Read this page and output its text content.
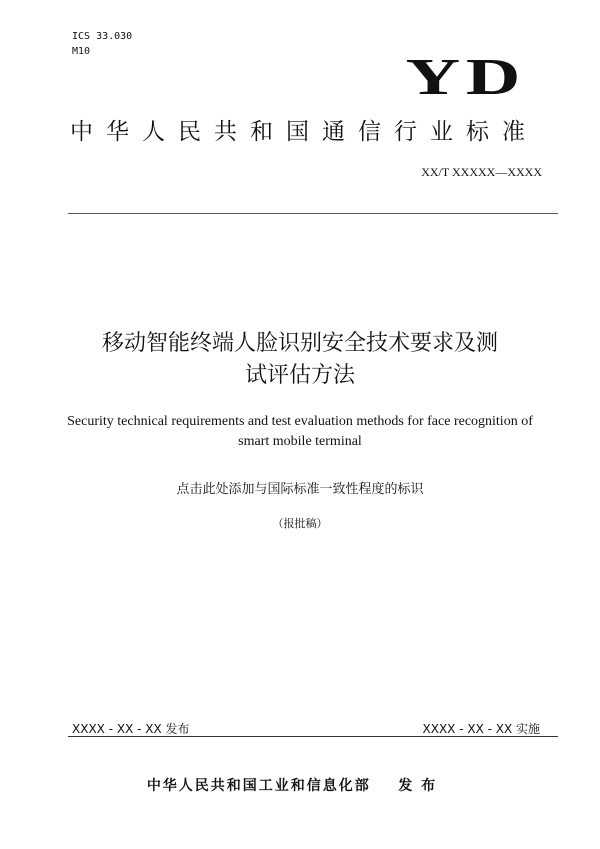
ICS 33.030
M10	YD
中华人民共和国通信行业标准
XX/T XXXXX—XXXX
移动智能终端人脸识别安全技术要求及测
试评估方法
Security technical requirements and test evaluation methods for face recognition of
smart mobile terminal
点击此处添加与国际标准一致性程度的标识
（报批稿）
XXXX - XX - XX 发布	XXXX - XX - XX 实施
中华人民共和国工业和信息化部    发 布
